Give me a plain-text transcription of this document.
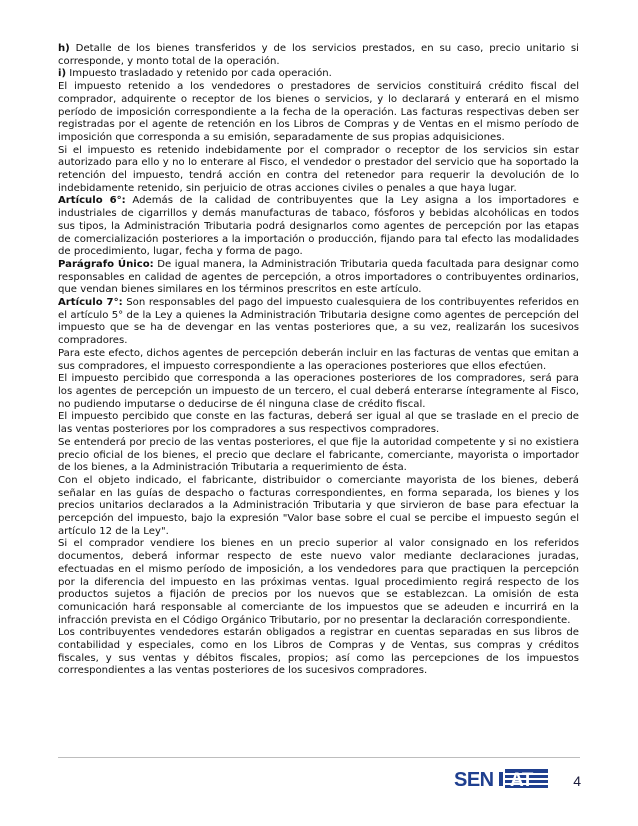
h) Detalle de los bienes transferidos y de los servicios prestados, en su caso, precio unitario si corresponde, y monto total de la operación.

i) Impuesto trasladado y retenido por cada operación.

El impuesto retenido a los vendedores o prestadores de servicios constituirá crédito fiscal del comprador, adquirente o receptor de los bienes o servicios, y lo declarará y enterará en el mismo período de imposición correspondiente a la fecha de la operación. Las facturas respectivas deben ser registradas por el agente de retención en los Libros de Compras y de Ventas en el mismo período de imposición que corresponda a su emisión, separadamente de sus propias adquisiciones.

Si el impuesto es retenido indebidamente por el comprador o receptor de los servicios sin estar autorizado para ello y no lo enterare al Fisco, el vendedor o prestador del servicio que ha soportado la retención del impuesto, tendrá acción en contra del retenedor para requerir la devolución de lo indebidamente retenido, sin perjuicio de otras acciones civiles o penales a que haya lugar.

Artículo 6°: Además de la calidad de contribuyentes que la Ley asigna a los importadores e industriales de cigarrillos y demás manufacturas de tabaco, fósforos y bebidas alcohólicas en todos sus tipos, la Administración Tributaria podrá designarlos como agentes de percepción por las etapas de comercialización posteriores a la importación o producción, fijando para tal efecto las modalidades de procedimiento, lugar, fecha y forma de pago.

Parágrafo Único: De igual manera, la Administración Tributaria queda facultada para designar como responsables en calidad de agentes de percepción, a otros importadores o contribuyentes ordinarios, que vendan bienes similares en los términos prescritos en este artículo.

Artículo 7°: Son responsables del pago del impuesto cualesquiera de los contribuyentes referidos en el artículo 5° de la Ley a quienes la Administración Tributaria designe como agentes de percepción del impuesto que se ha de devengar en las ventas posteriores que, a su vez, realizarán los sucesivos compradores.

Para este efecto, dichos agentes de percepción deberán incluir en las facturas de ventas que emitan a sus compradores, el impuesto correspondiente a las operaciones posteriores que ellos efectúen.

El impuesto percibido que corresponda a las operaciones posteriores de los compradores, será para los agentes de percepción un impuesto de un tercero, el cual deberá enterarse íntegramente al Fisco, no pudiendo imputarse o deducirse de él ninguna clase de crédito fiscal.

El impuesto percibido que conste en las facturas, deberá ser igual al que se traslade en el precio de las ventas posteriores por los compradores a sus respectivos compradores.

Se entenderá por precio de las ventas posteriores, el que fije la autoridad competente y si no existiera precio oficial de los bienes, el precio que declare el fabricante, comerciante, mayorista o importador de los bienes, a la Administración Tributaria a requerimiento de ésta.

Con el objeto indicado, el fabricante, distribuidor o comerciante mayorista de los bienes, deberá señalar en las guías de despacho o facturas correspondientes, en forma separada, los bienes y los precios unitarios declarados a la Administración Tributaria y que sirvieron de base para efectuar la percepción del impuesto, bajo la expresión "Valor base sobre el cual se percibe el impuesto según el artículo 12 de la Ley".

Si el comprador vendiere los bienes en un precio superior al valor consignado en los referidos documentos, deberá informar respecto de este nuevo valor mediante declaraciones juradas, efectuadas en el mismo período de imposición, a los vendedores para que practiquen la percepción por la diferencia del impuesto en las próximas ventas. Igual procedimiento regirá respecto de los productos sujetos a fijación de precios por los nuevos que se establezcan. La omisión de esta comunicación hará responsable al comerciante de los impuestos que se adeuden e incurrirá en la infracción prevista en el Código Orgánico Tributario, por no presentar la declaración correspondiente.

Los contribuyentes vendedores estarán obligados a registrar en cuentas separadas en sus libros de contabilidad y especiales, como en los Libros de Compras y de Ventas, sus compras y créditos fiscales, y sus ventas y débitos fiscales, propios; así como las percepciones de los impuestos correspondientes a las ventas posteriores de los sucesivos compradores.

SEN AT	4
